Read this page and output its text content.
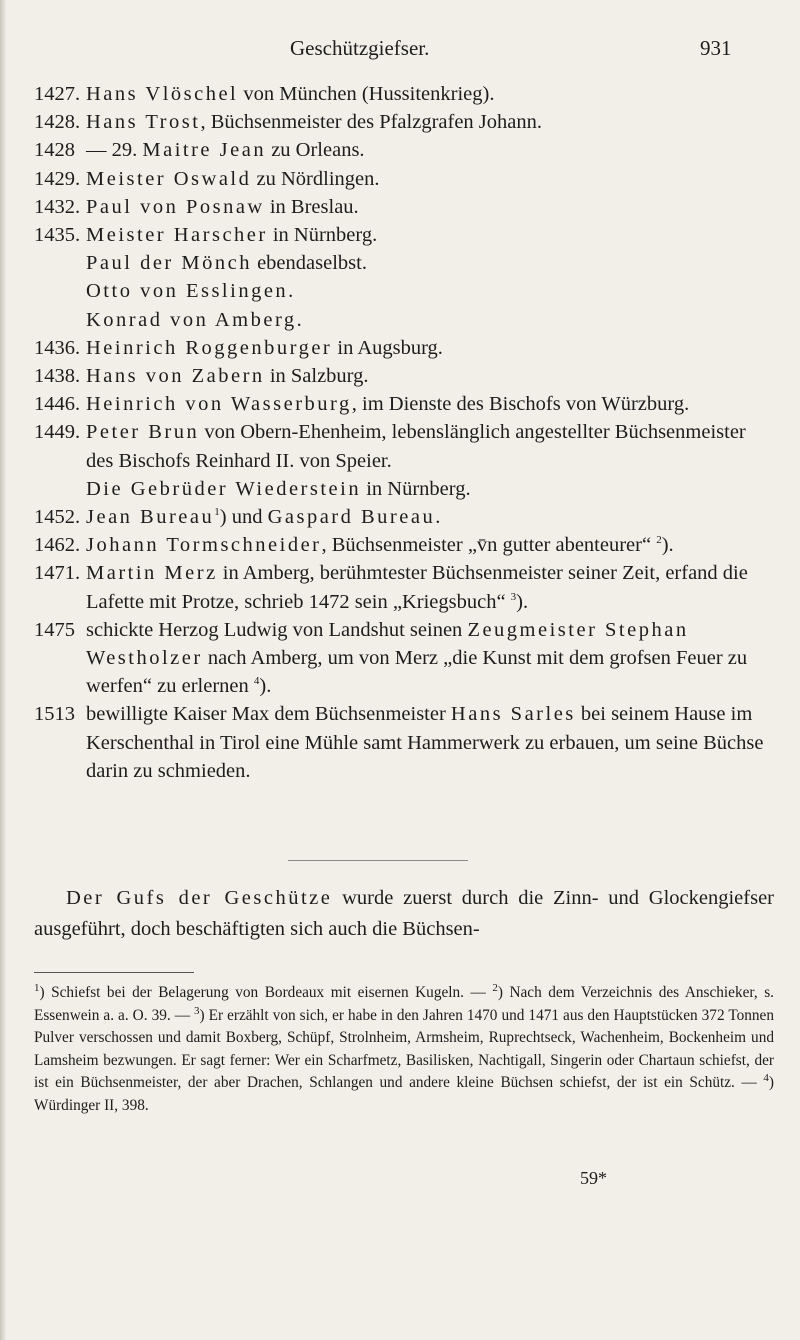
Geschützgiefser.	931
1427. Hans Vlöschel von München (Hussitenkrieg).
1428. Hans Trost, Büchsenmeister des Pfalzgrafen Johann.
1428 — 29. Maitre Jean zu Orleans.
1429. Meister Oswald zu Nördlingen.
1432. Paul von Posnaw in Breslau.
1435. Meister Harscher in Nürnberg.
Paul der Mönch ebendaselbst.
Otto von Esslingen.
Konrad von Amberg.
1436. Heinrich Roggenburger in Augsburg.
1438. Hans von Zabern in Salzburg.
1446. Heinrich von Wasserburg, im Dienste des Bischofs von Würzburg.
1449. Peter Brun von Obern-Ehenheim, lebenslänglich angestellter Büchsenmeister des Bischofs Reinhard II. von Speier.
Die Gebrüder Wiederstein in Nürnberg.
1452. Jean Bureau$^1$) und Gaspard Bureau.
1462. Johann Tormschneider, Büchsenmeister „v̄n gutter abenteurer“ $^2$).
1471. Martin Merz in Amberg, berühmtester Büchsenmeister seiner Zeit, erfand die Lafette mit Protze, schrieb 1472 sein „Kriegsbuch“ $^3$).
1475 schickte Herzog Ludwig von Landshut seinen Zeugmeister Stephan Westholzer nach Amberg, um von Merz „die Kunst mit dem grofsen Feuer zu werfen“ zu erlernen $^4$).
1513 bewilligte Kaiser Max dem Büchsenmeister Hans Sarles bei seinem Hause im Kerschenthal in Tirol eine Mühle samt Hammerwerk zu erbauen, um seine Büchse darin zu schmieden.
Der Gufs der Geschütze wurde zuerst durch die Zinn- und Glockengiefser ausgeführt, doch beschäftigten sich auch die Büchsen-
$^1$) Schiefst bei der Belagerung von Bordeaux mit eisernen Kugeln. — $^2$) Nach dem Verzeichnis des Anschieker, s. Essenwein a. a. O. 39. — $^3$) Er erzählt von sich, er habe in den Jahren 1470 und 1471 aus den Hauptstücken 372 Tonnen Pulver verschossen und damit Boxberg, Schüpf, Strolnheim, Armsheim, Ruprechtseck, Wachenheim, Bockenheim und Lamsheim bezwungen. Er sagt ferner: Wer ein Scharfmetz, Basilisken, Nachtigall, Singerin oder Chartaun schiefst, der ist ein Büchsenmeister, der aber Drachen, Schlangen und andere kleine Büchsen schiefst, der ist ein Schütz. — $^4$) Würdinger II, 398.
59*
